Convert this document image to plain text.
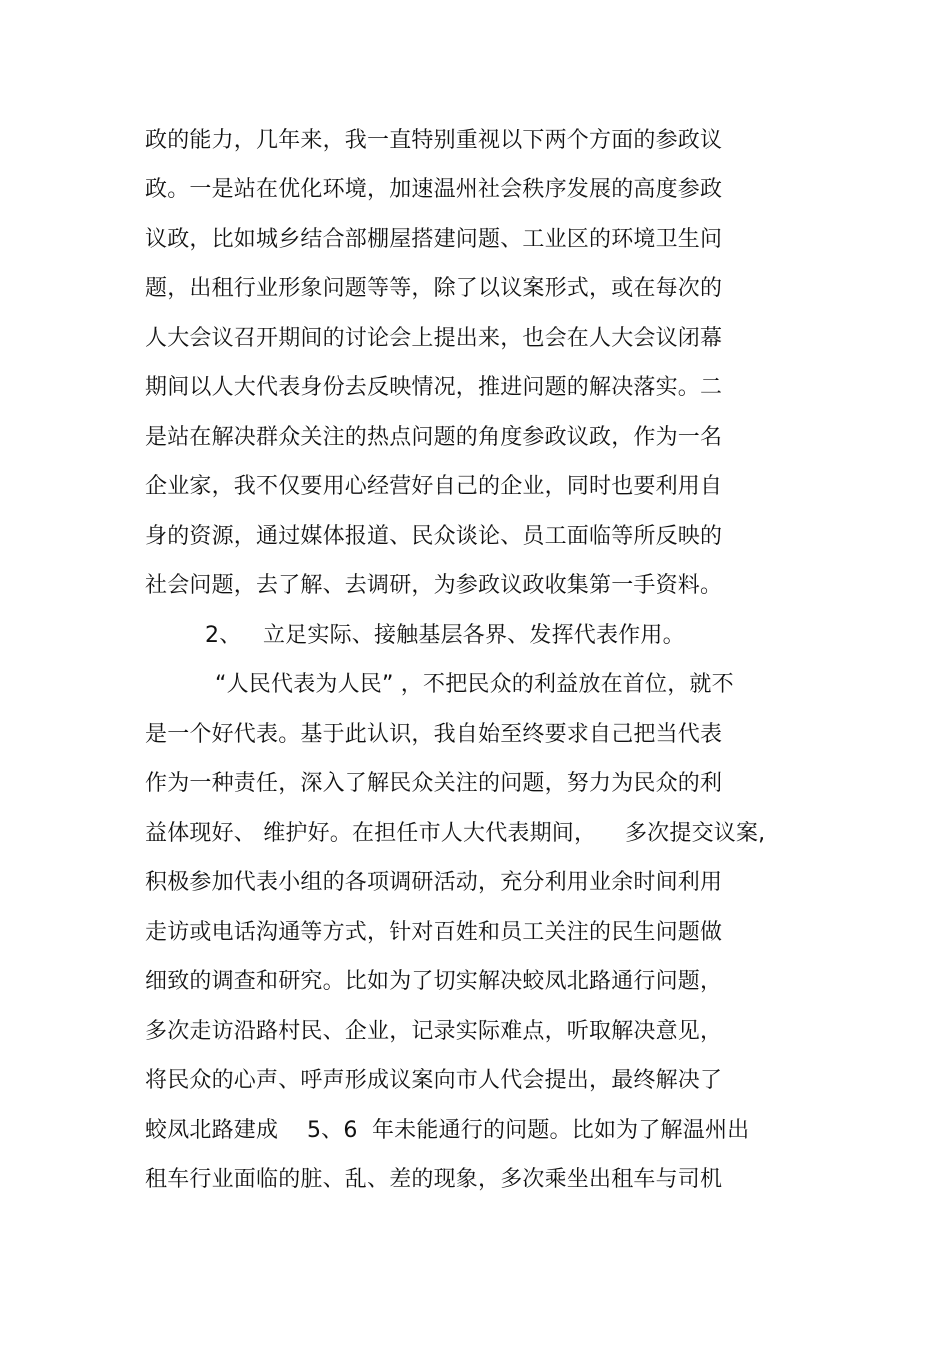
政的能力，几年来，我一直特别重视以下两个方面的参政议
政。一是站在优化环境，加速温州社会秩序发展的高度参政
议政，比如城乡结合部棚屋搭建问题、工业区的环境卫生问
题，出租行业形象问题等等，除了以议案形式，或在每次的
人大会议召开期间的讨论会上提出来，也会在人大会议闭幕
期间以人大代表身份去反映情况，推进问题的解决落实。二
是站在解决群众关注的热点问题的角度参政议政，作为一名
企业家，我不仅要用心经营好自己的企业，同时也要利用自
身的资源，通过媒体报道、民众谈论、员工面临等所反映的
社会问题，去了解、去调研，为参政议政收集第一手资料。
2、   立足实际、接触基层各界、发挥代表作用。
“人民代表为人民” ，不把民众的利益放在首位，就不
是一个好代表。基于此认识，我自始至终要求自己把当代表
作为一种责任，深入了解民众关注的问题，努力为民众的利
益体现好、 维护好。在担任市人大代表期间，    多次提交议案,
积极参加代表小组的各项调研活动，充分利用业余时间利用
走访或电话沟通等方式，针对百姓和员工关注的民生问题做
细致的调查和研究。比如为了切实解决蛟凤北路通行问题，
多次走访沿路村民、企业，记录实际难点，听取解决意见，
将民众的心声、呼声形成议案向市人代会提出，最终解决了
蛟凤北路建成    5、6  年未能通行的问题。比如为了解温州出
租车行业面临的脏、乱、差的现象，多次乘坐出租车与司机
